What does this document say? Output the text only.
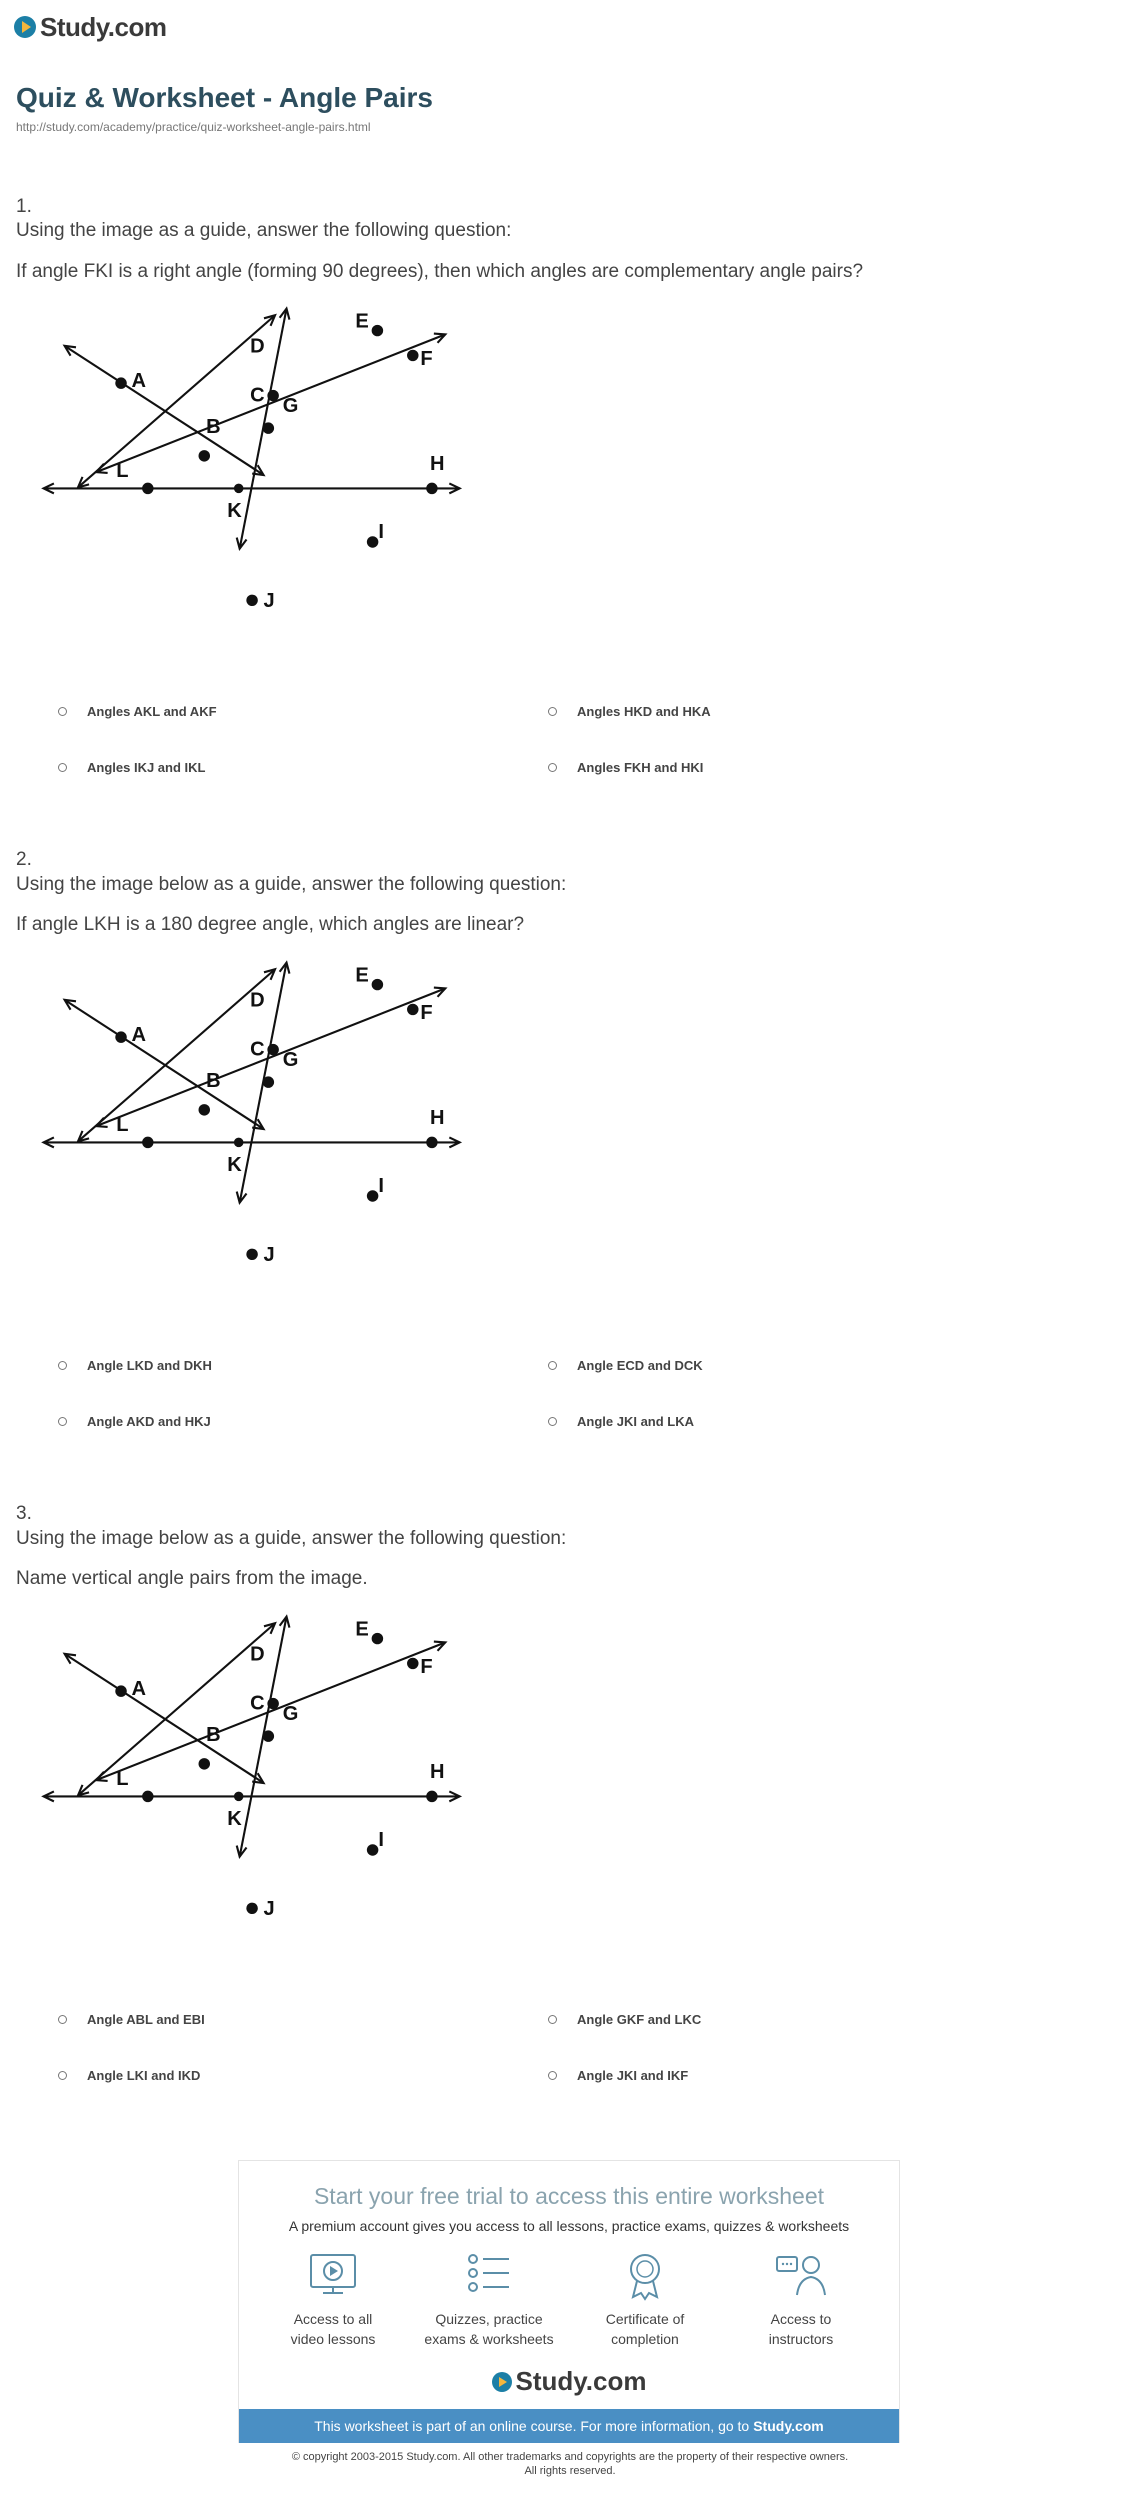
Study.com
Quiz & Worksheet - Angle Pairs
http://study.com/academy/practice/quiz-worksheet-angle-pairs.html
1.
Using the image as a guide, answer the following question:
If angle FKI is a right angle (forming 90 degrees), then which angles are complementary angle pairs?
A
B
C
D
E
F
G
H
I
J
K
L
Angles AKL and AKF	Angles HKD and HKA
Angles IKJ and IKL	Angles FKH and HKI
2.
Using the image below as a guide, answer the following question:
If angle LKH is a 180 degree angle, which angles are linear?
A
B
C
D
E
F
G
H
I
J
K
L
Angle LKD and DKH	Angle ECD and DCK
Angle AKD and HKJ	Angle JKI and LKA
3.
Using the image below as a guide, answer the following question:
Name vertical angle pairs from the image.
A
B
C
D
E
F
G
H
I
J
K
L
Angle ABL and EBI	Angle GKF and LKC
Angle LKI and IKD	Angle JKI and IKF
Start your free trial to access this entire worksheet
A premium account gives you access to all lessons, practice exams, quizzes & worksheets
Access to all
video lessons
Quizzes, practice
exams & worksheets
Certificate of
completion
Access to
instructors
Study.com
This worksheet is part of an online course. For more information, go to Study.com
© copyright 2003-2015 Study.com. All other trademarks and copyrights are the property of their respective owners.
All rights reserved.
